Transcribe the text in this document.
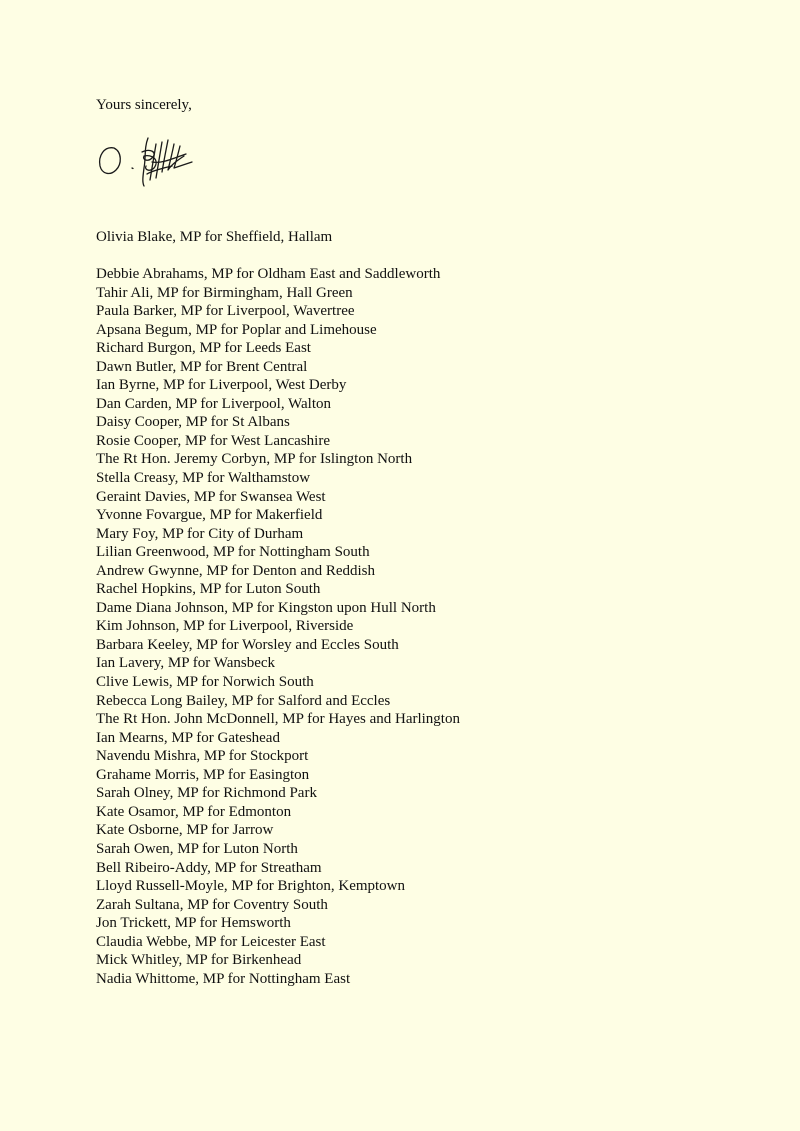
Yours sincerely,

Olivia Blake, MP for Sheffield, Hallam

Debbie Abrahams, MP for Oldham East and Saddleworth
Tahir Ali, MP for Birmingham, Hall Green
Paula Barker, MP for Liverpool, Wavertree
Apsana Begum, MP for Poplar and Limehouse
Richard Burgon, MP for Leeds East
Dawn Butler, MP for Brent Central
Ian Byrne, MP for Liverpool, West Derby
Dan Carden, MP for Liverpool, Walton
Daisy Cooper, MP for St Albans
Rosie Cooper, MP for West Lancashire
The Rt Hon. Jeremy Corbyn, MP for Islington North
Stella Creasy, MP for Walthamstow
Geraint Davies, MP for Swansea West
Yvonne Fovargue, MP for Makerfield
Mary Foy, MP for City of Durham
Lilian Greenwood, MP for Nottingham South
Andrew Gwynne, MP for Denton and Reddish
Rachel Hopkins, MP for Luton South
Dame Diana Johnson, MP for Kingston upon Hull North
Kim Johnson, MP for Liverpool, Riverside
Barbara Keeley, MP for Worsley and Eccles South
Ian Lavery, MP for Wansbeck
Clive Lewis, MP for Norwich South
Rebecca Long Bailey, MP for Salford and Eccles
The Rt Hon. John McDonnell, MP for Hayes and Harlington
Ian Mearns, MP for Gateshead
Navendu Mishra, MP for Stockport
Grahame Morris, MP for Easington
Sarah Olney, MP for Richmond Park
Kate Osamor, MP for Edmonton
Kate Osborne, MP for Jarrow
Sarah Owen, MP for Luton North
Bell Ribeiro-Addy, MP for Streatham
Lloyd Russell-Moyle, MP for Brighton, Kemptown
Zarah Sultana, MP for Coventry South
Jon Trickett, MP for Hemsworth
Claudia Webbe, MP for Leicester East
Mick Whitley, MP for Birkenhead
Nadia Whittome, MP for Nottingham East
